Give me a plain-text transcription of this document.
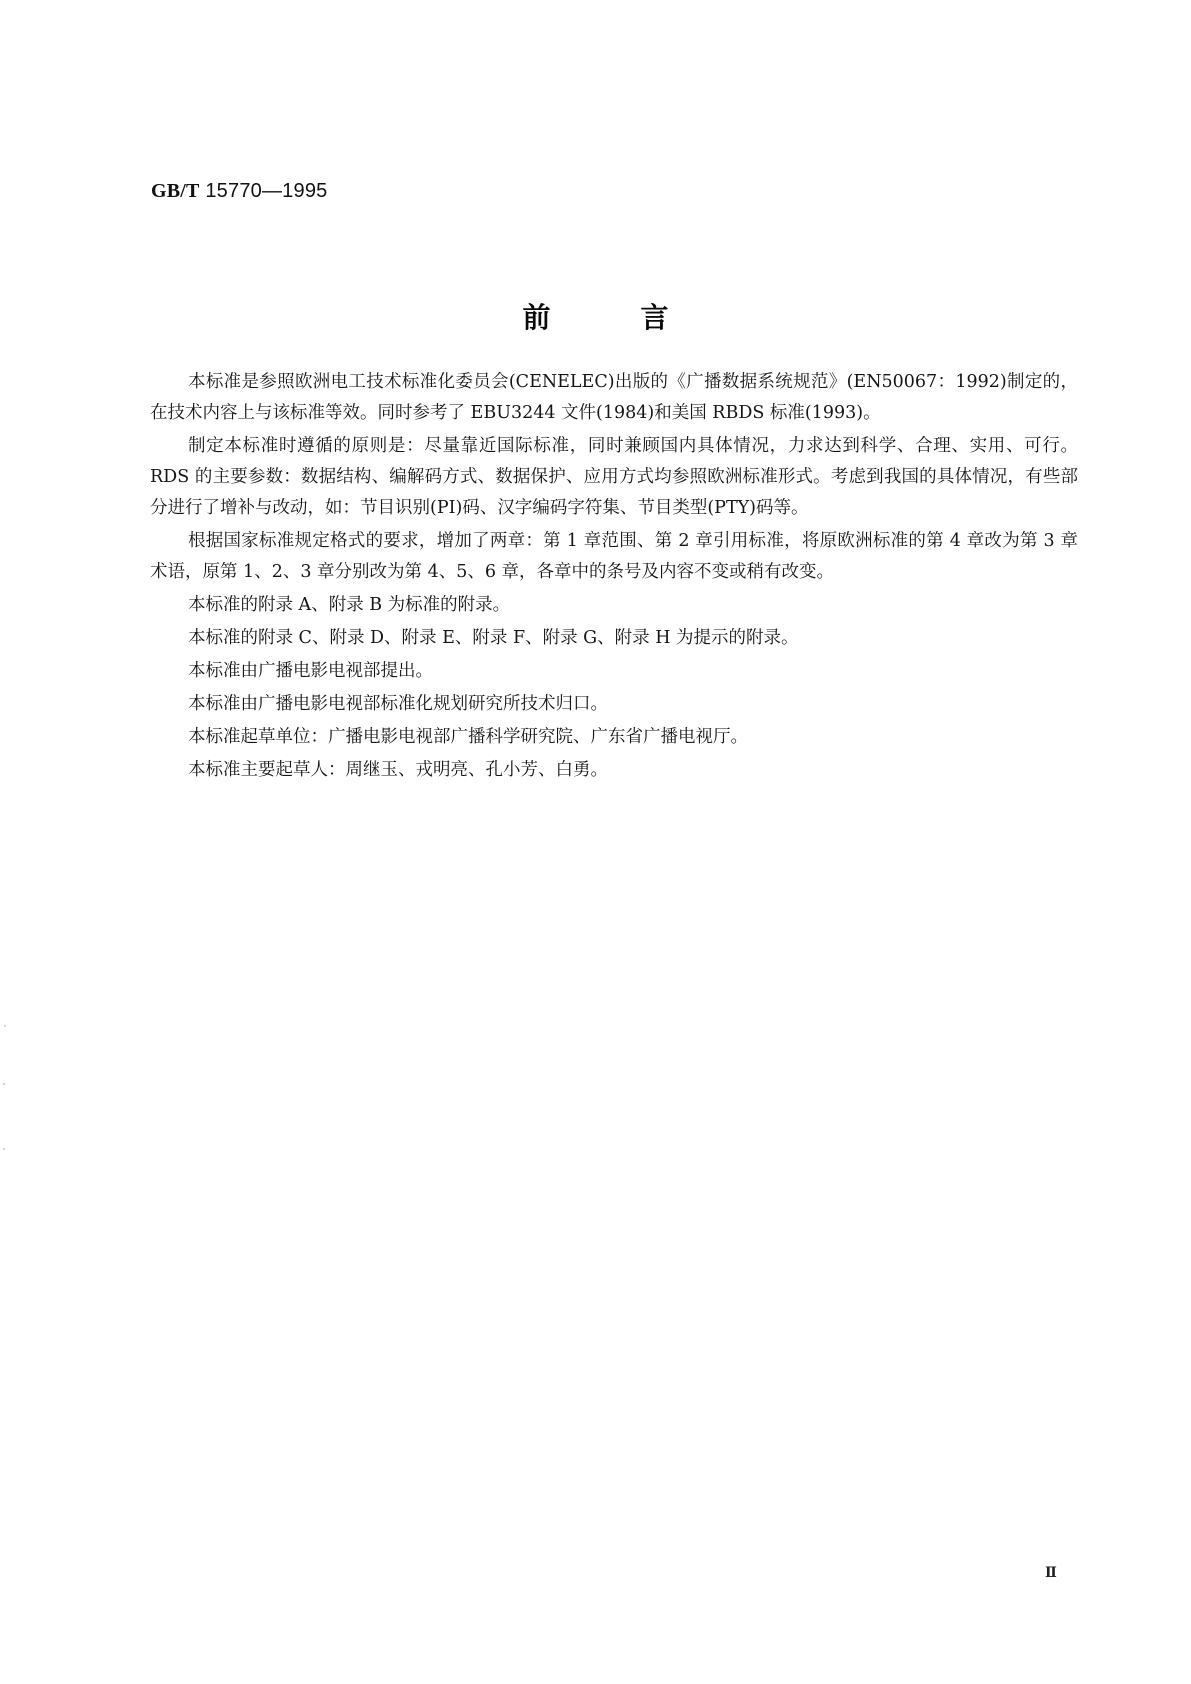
GB/T 15770—1995
前言

本标准是参照欧洲电工技术标准化委员会(CENELEC)出版的《广播数据系统规范》(EN50067：1992)制定的，在技术内容上与该标准等效。同时参考了 EBU3244 文件(1984)和美国 RBDS 标准(1993)。

制定本标准时遵循的原则是：尽量靠近国际标准，同时兼顾国内具体情况，力求达到科学、合理、实用、可行。RDS 的主要参数：数据结构、编解码方式、数据保护、应用方式均参照欧洲标准形式。考虑到我国的具体情况，有些部分进行了增补与改动，如：节目识别(PI)码、汉字编码字符集、节目类型(PTY)码等。

根据国家标准规定格式的要求，增加了两章：第 1 章范围、第 2 章引用标准，将原欧洲标准的第 4 章改为第 3 章术语，原第 1、2、3 章分别改为第 4、5、6 章，各章中的条号及内容不变或稍有改变。

本标准的附录 A、附录 B 为标准的附录。

本标准的附录 C、附录 D、附录 E、附录 F、附录 G、附录 H 为提示的附录。

本标准由广播电影电视部提出。

本标准由广播电影电视部标准化规划研究所技术归口。

本标准起草单位：广播电影电视部广播科学研究院、广东省广播电视厅。

本标准主要起草人：周继玉、戎明亮、孔小芳、白勇。

Ⅱ
